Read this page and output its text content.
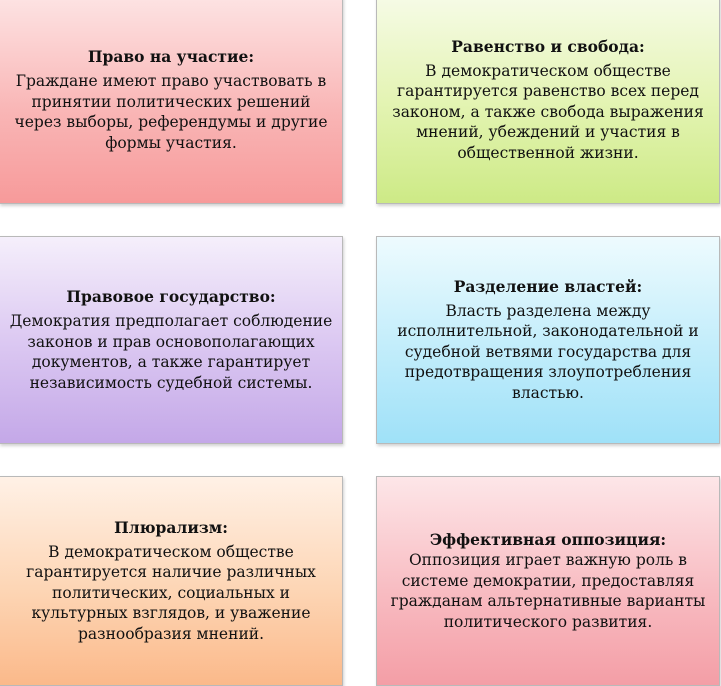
Право на участие:

Граждане имеют право участвовать в
принятии политических решений
через выборы, референдумы и другие
формы участия.

Равенство и свобода:

В демократическом обществе
гарантируется равенство всех перед
законом, а также свобода выражения
мнений, убеждений и участия в
общественной жизни.

Правовое государство:

Демократия предполагает соблюдение
законов и прав основополагающих
документов, а также гарантирует
независимость судебной системы.

Разделение властей:

Власть разделена между
исполнительной, законодательной и
судебной ветвями государства для
предотвращения злоупотребления
властью.

Плюрализм:

В демократическом обществе
гарантируется наличие различных
политических, социальных и
культурных взглядов, и уважение
разнообразия мнений.

Эффективная оппозиция:

Оппозиция играет важную роль в
системе демократии, предоставляя
гражданам альтернативные варианты
политического развития.
